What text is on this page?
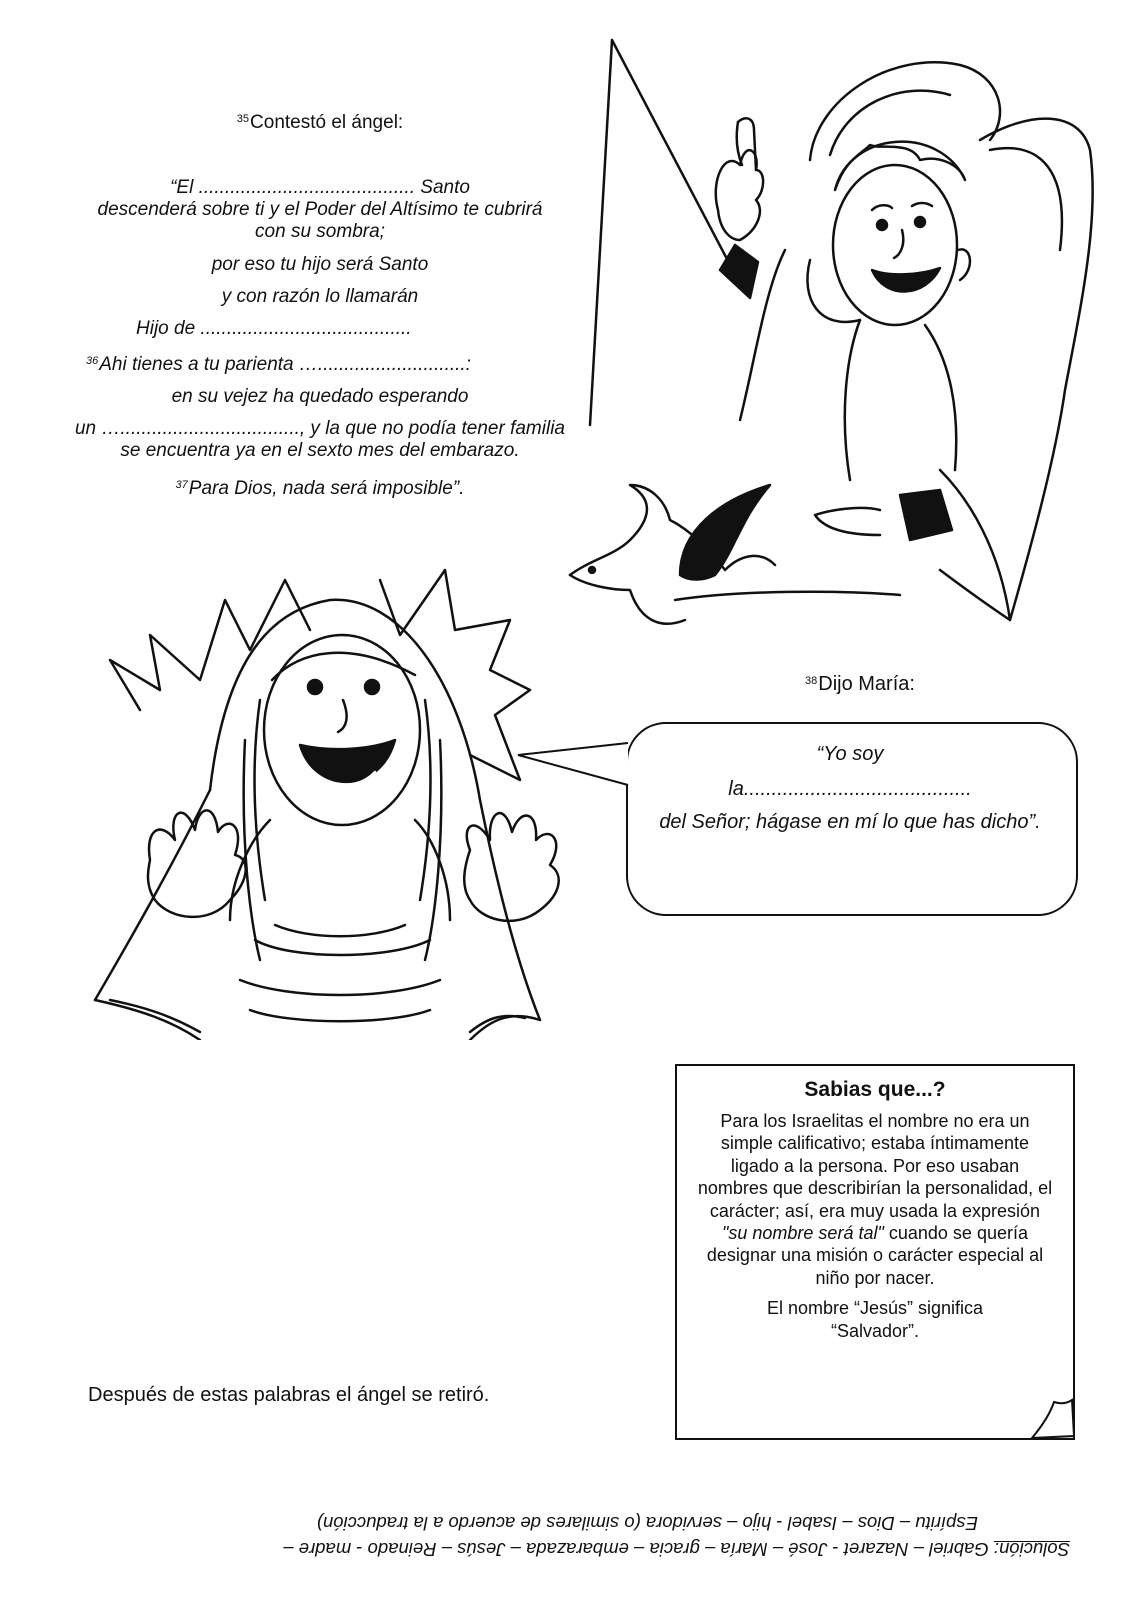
$^{35}$Contestó el ángel:

“El ......................................... Santo

descenderá sobre ti y el Poder del Altísimo te cubrirá con su sombra;

por eso tu hijo será Santo

y con razón lo llamarán

Hijo de ........................................

$^{36}$Ahi tienes a tu parienta …............................:

en su vejez ha quedado esperando

un ….................................., y la que no podía tener familia se encuentra ya en el sexto mes del embarazo.

$^{37}$Para Dios, nada será imposible”.

$^{38}$Dijo María:
“Yo soy
la.........................................
del Señor; hágase en mí lo que has dicho”.
Sabias que...?

Para los Israelitas el nombre no era un simple calificativo; estaba íntimamente ligado a la persona. Por eso usaban nombres que describirían la personalidad, el carácter; así, era muy usada la expresión "su nombre será tal" cuando se quería designar una misión o carácter especial al niño por nacer.

El nombre “Jesús” significa “Salvador”.

Después de estas palabras el ángel se retiró.
Solución: Gabriel – Nazaret - José – María – gracia – embarazada – Jesús – Reinado - madre –
Espíritu – Dios – Isabel - hijo – servidora (o similares de acuerdo a la traducción)
